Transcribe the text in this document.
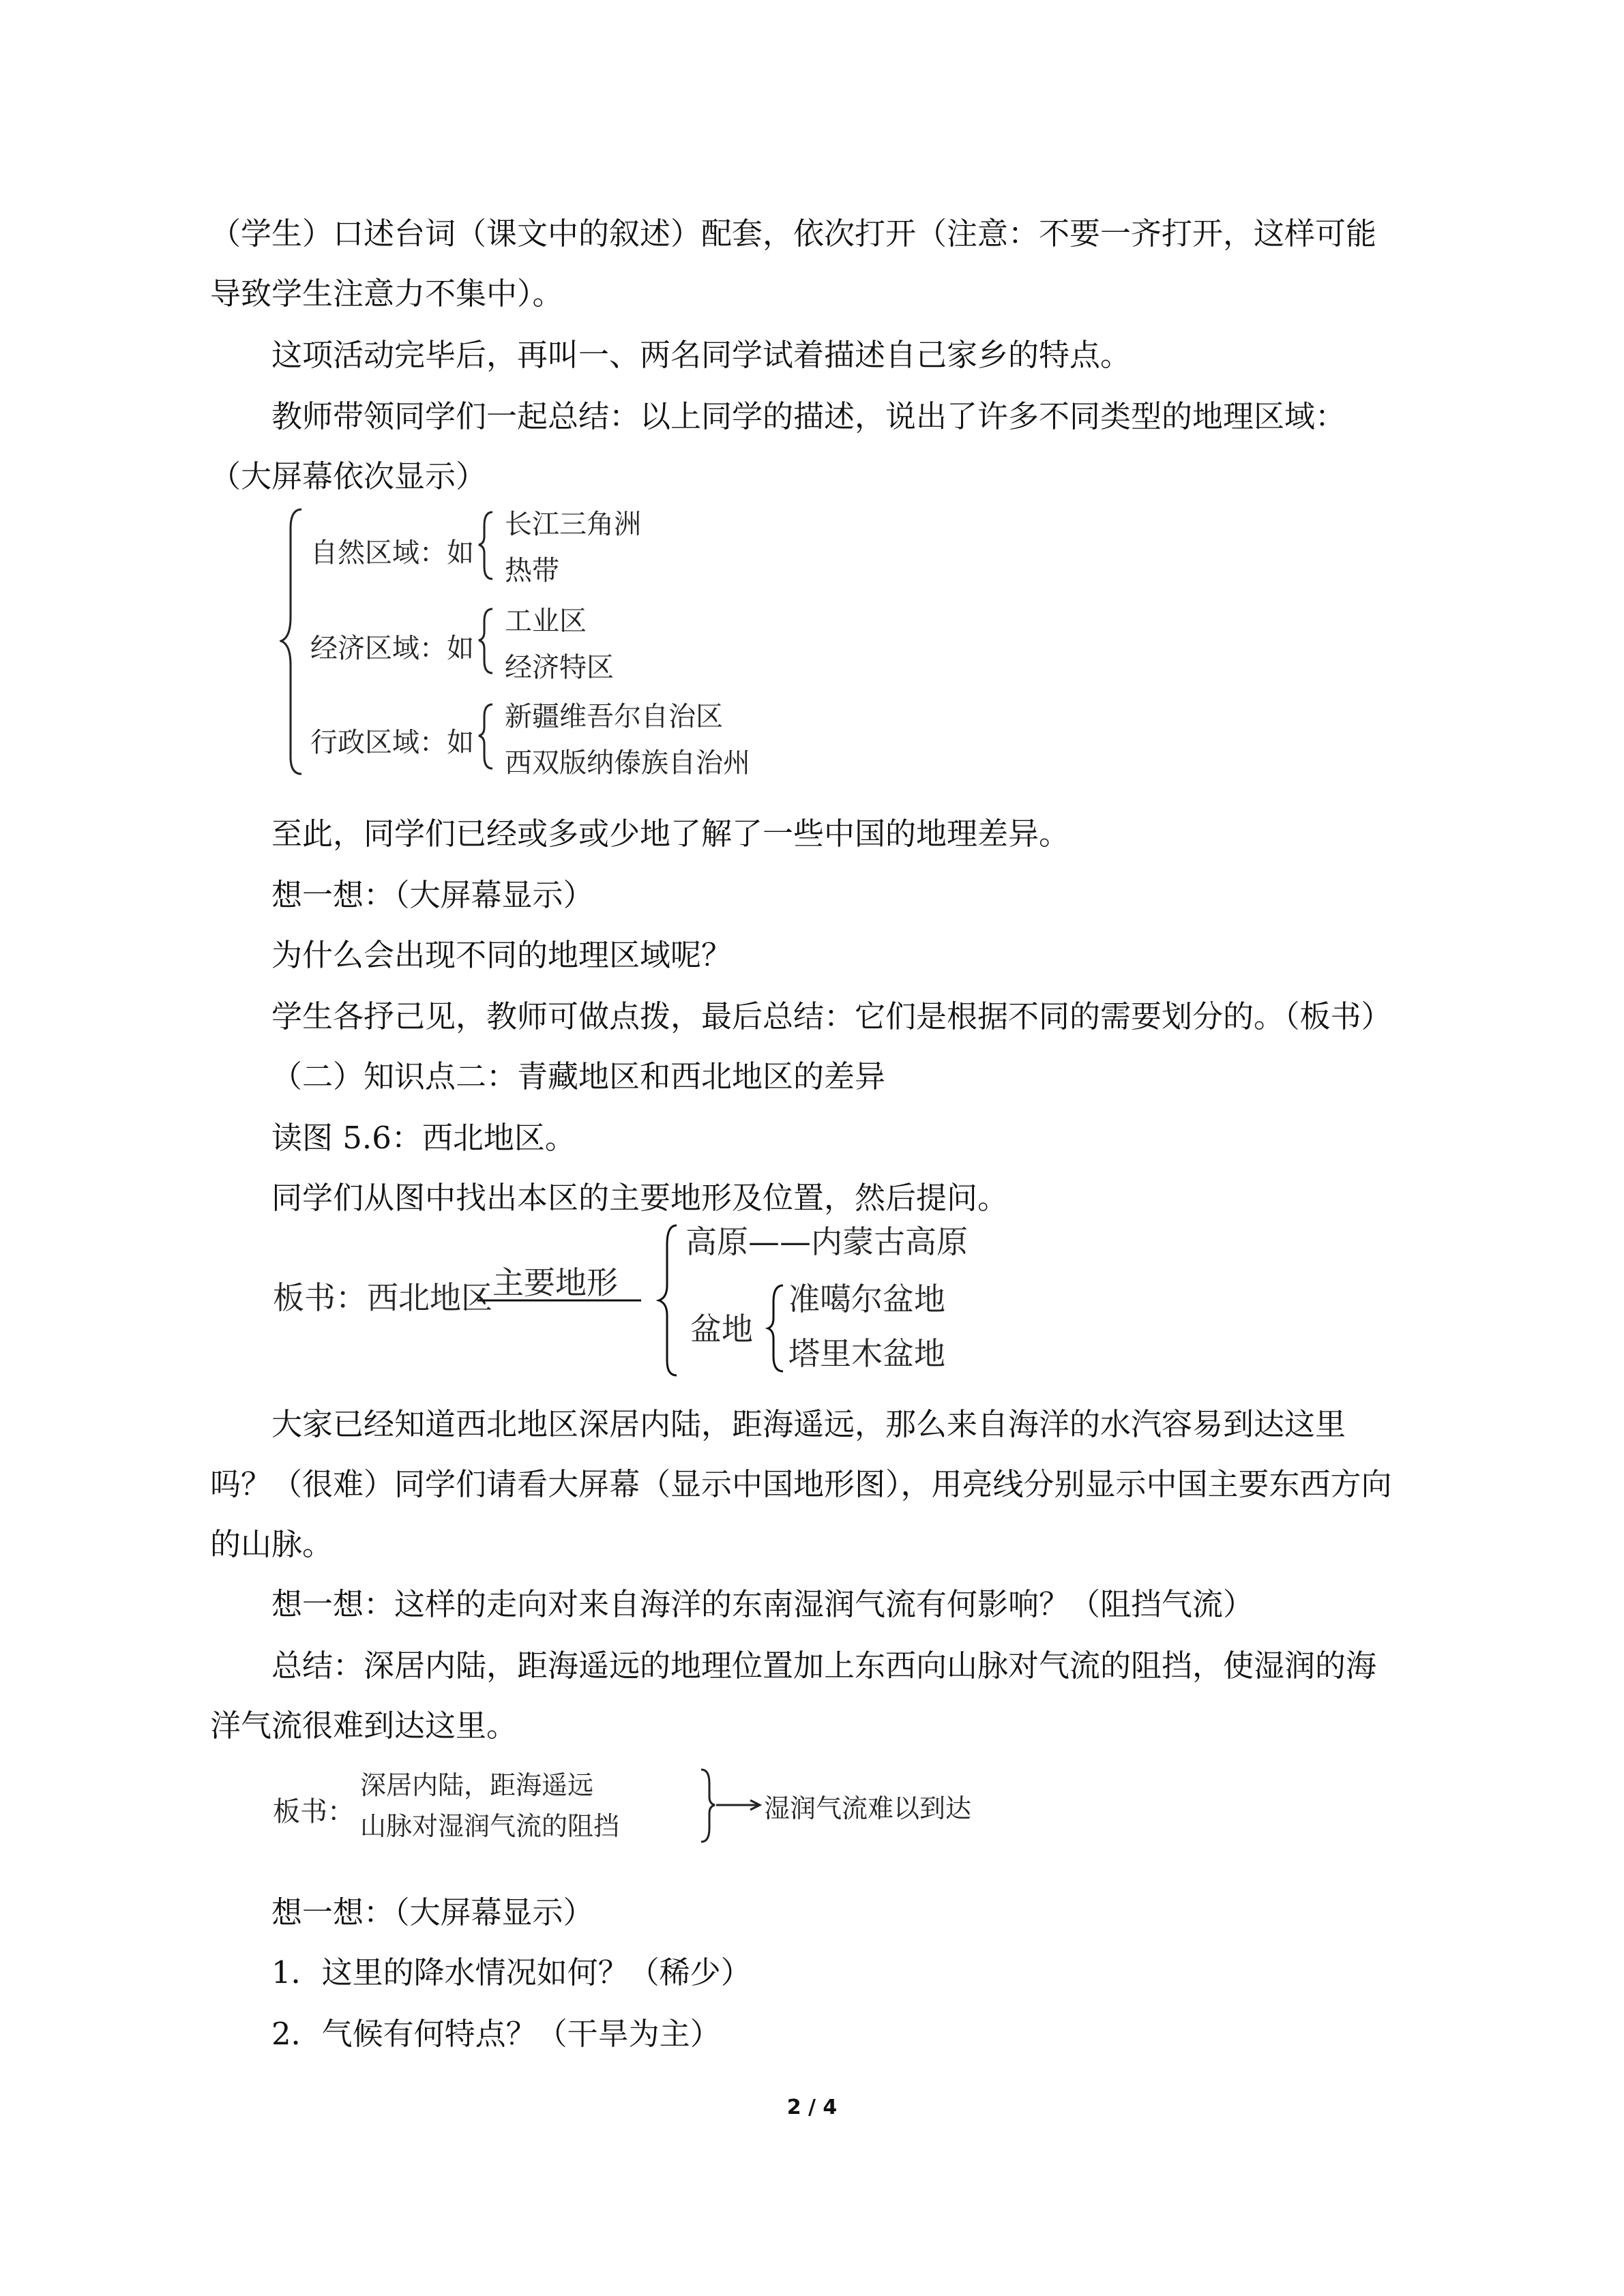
（学生）口述台词（课文中的叙述）配套，依次打开（注意：不要一齐打开，这样可能
导致学生注意力不集中）。
这项活动完毕后，再叫一、两名同学试着描述自己家乡的特点。
教师带领同学们一起总结：以上同学的描述，说出了许多不同类型的地理区域：
（大屏幕依次显示）
自然区域：如
长江三角洲
热带
经济区域：如
工业区
经济特区
行政区域：如
新疆维吾尔自治区
西双版纳傣族自治州
至此，同学们已经或多或少地了解了一些中国的地理差异。
想一想：（大屏幕显示）
为什么会出现不同的地理区域呢？
学生各抒己见，教师可做点拨，最后总结：它们是根据不同的需要划分的。（板书）
（二）知识点二：青藏地区和西北地区的差异
读图 5.6：西北地区。
同学们从图中找出本区的主要地形及位置，然后提问。
板书：西北地区 主要地形
高原——内蒙古高原
盆地
准噶尔盆地
塔里木盆地
大家已经知道西北地区深居内陆，距海遥远，那么来自海洋的水汽容易到达这里
吗？（很难）同学们请看大屏幕（显示中国地形图），用亮线分别显示中国主要东西方向
的山脉。
想一想：这样的走向对来自海洋的东南湿润气流有何影响？（阻挡气流）
总结：深居内陆，距海遥远的地理位置加上东西向山脉对气流的阻挡，使湿润的海
洋气流很难到达这里。
板书：
深居内陆，距海遥远
山脉对湿润气流的阻挡
湿润气流难以到达
想一想：（大屏幕显示）
1．这里的降水情况如何？（稀少）
2．气候有何特点？（干旱为主）
2 / 4
